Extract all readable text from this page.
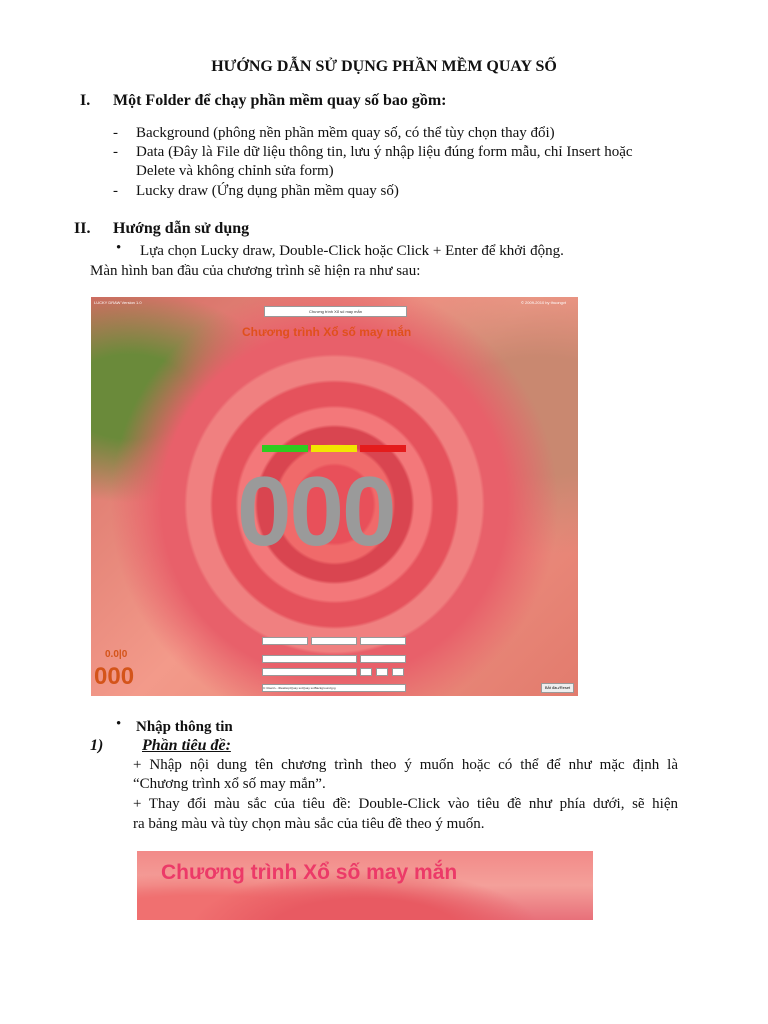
HƯỚNG DẪN SỬ DỤNG PHẦN MỀM QUAY SỐ
I. Một Folder để chạy phần mềm quay số bao gồm:
- Background (phông nền phần mềm quay số, có thể tùy chọn thay đổi)
- Data (Đây là File dữ liệu thông tin, lưu ý nhập liệu đúng form mẫu, chỉ Insert hoặc
Delete và không chỉnh sửa form)
- Lucky draw (Ứng dụng phần mềm quay số)
II. Hướng dẫn sử dụng
• Lựa chọn Lucky draw, Double-Click hoặc Click + Enter để khởi động.
Màn hình ban đầu của chương trình sẽ hiện ra như sau:
LUCKY DRAW Version 1.0	© 2009-2010 by thuongvt
Chương trình Xổ số may mắn
Chương trình Xổ số may mắn
000
C:\Users\...\Desktop\Quay so\Quay so\Background.jpg
0.0|0
000	Bắt đầu/Reset
• Nhập thông tin
1) Phần tiêu đề:
+ Nhập nội dung tên chương trình theo ý muốn hoặc có thể để như mặc định là
“Chương trình xổ số may mắn”.
+ Thay đổi màu sắc của tiêu đề: Double-Click vào tiêu đề như phía dưới, sẽ hiện
ra bảng màu và tùy chọn màu sắc của tiêu đề theo ý muốn.
Chương trình Xổ số may mắn
